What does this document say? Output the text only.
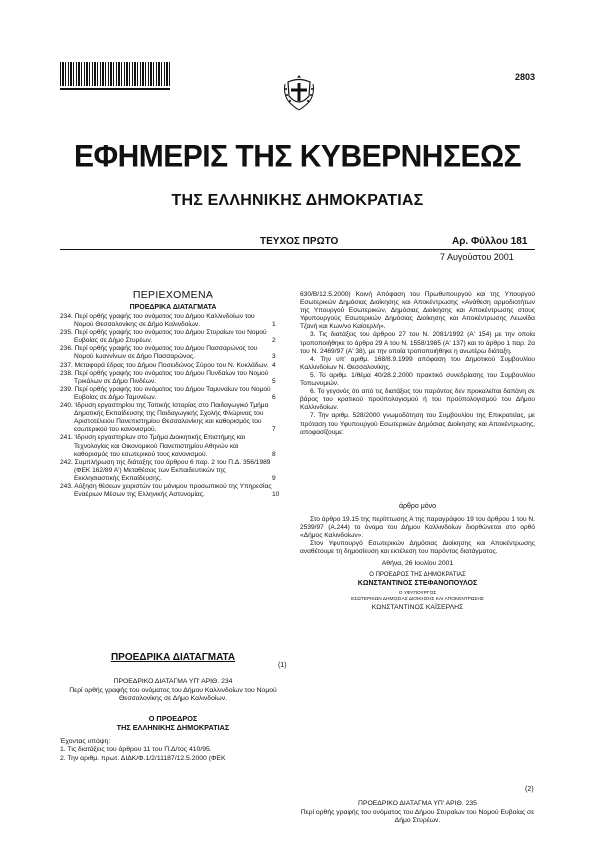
2803
ΕΦΗΜΕΡΙΣ ΤΗΣ ΚΥΒΕΡΝΗΣΕΩΣ
ΤΗΣ ΕΛΛΗΝΙΚΗΣ ΔΗΜΟΚΡΑΤΙΑΣ
ΤΕΥΧΟΣ ΠΡΩΤΟ	Αρ. Φύλλου 181
7 Αυγούστου 2001
ΠΕΡΙΕΧΟΜΕΝΑ
ΠΡΟΕΔΡΙΚΑ ΔΙΑΤΑΓΜΑΤΑ

234. Περί ορθής γραφής του ονόματος του Δήμου Καλλινδοίων του Νομού Θεσσαλονίκης σε Δήμο Καλινδοίων.	1

235. Περί ορθής γραφής του ονόματος του Δήμου Στυραίων του Νομού Ευβοίας σε Δήμο Στυρέων.	2

236. Περί ορθής γραφής του ονόματος του Δήμου Πασσαρώνος του Νομού Ιωαννίνων σε Δήμο Πασσαρώνος.	3

237. Μεταφορά έδρας του Δήμου Ποσειδώνος Σύρου του Ν. Κυκλάδων. 4

238. Περί ορθής γραφής του ονόματος του Δήμου Πυνδαίων του Νομού Τρικάλων σε Δήμο Πινδέων.	5

239. Περί ορθής γραφής του ονόματος του Δήμου Ταμυναίων του Νομού Ευβοίας σε Δήμο Ταμυνέων.	6

240. Ίδρυση εργαστηρίου της Τοπικής Ιστορίας στο Παιδαγωγικό Τμήμα Δημοτικής Εκπαίδευσης της Παιδαγωγικής Σχολής Φλώρινας του Αριστοτέλειου Πανεπιστημίου Θεσσαλονίκης και καθορισμός του εσωτερικού του κανονισμού.	7

241. Ίδρυση εργαστηρίων στο Τμήμα Διοικητικής Επιστήμης και Τεχνολογίας και Οικονομικού Πανεπιστημίου Αθηνών και καθορισμός του εσωτερικού τους κανονισμού.	8

242. Συμπλήρωση της διάταξης του άρθρου 6 παρ. 2 του Π.Δ. 356/1989 (ΦΕΚ 162/89 Α') Μεταθέσεις των Εκπαιδευτικών της Εκκλησιαστικής Εκπαίδευσης.	9

243. Αύξηση θέσεων χειριστών του μόνιμου προσωπικού της Υπηρεσίας Εναέριων Μέσων της Ελληνικής Αστυνομίας.	10

ΠΡΟΕΔΡΙΚΑ ΔΙΑΤΑΓΜΑΤΑ
(1)
ΠΡΟΕΔΡΙΚΟ ΔΙΑΤΑΓΜΑ ΥΠ' ΑΡΙΘ. 234
Περί ορθής γραφής του ονόματος του Δήμου Καλλινδοίων του Νομού Θεσσαλονίκης σε Δήμο Καλινδοίων.
Ο ΠΡΟΕΔΡΟΣ
ΤΗΣ ΕΛΛΗΝΙΚΗΣ ΔΗΜΟΚΡΑΤΙΑΣ

Έχοντας υπόψη:

1. Τις διατάξεις του άρθρου 11 του Π.Δ/τος 410/95.

2. Την αριθμ. πρωτ. ΔΙΔΚ/Φ.1/2/11187/12.5.2000 (ΦΕΚ

630/Β/12.5.2000) Κοινή Απόφαση του Πρωθυπουργού και της Υπουργού Εσωτερικών Δημόσιας Διοίκησης και Αποκέντρωσης «Ανάθεση αρμοδιοτήτων της Υπουργού Εσωτερικών, Δημόσιας Διοίκησης και Αποκέντρωσης στους Υφυπουργούς Εσωτερικών Δημόσιας Διοίκησης και Αποκέντρωσης Λεωνίδα Τζανή και Κων/νο Καϊσερλή».

3. Τις διατάξεις του άρθρου 27 του Ν. 2081/1992 (Α' 154) με την οποία τροποποιήθηκε το άρθρο 29 Α του Ν. 1558/1985 (Α' 137) και το άρθρο 1 παρ. 2α του Ν. 2469/97 (Α' 38), με την οποία τροποποιήθηκε η ανωτέρω διάταξη.

4. Την υπ' αριθμ. 168/8.9.1999 απόφαση του Δημοτικού Συμβουλίου Καλλινδοίων Ν. Θεσσαλονίκης.

5. Το αριθμ. 1/θέμα 40/28.2.2000 πρακτικό συνεδρίασης του Συμβουλίου Τοπωνυμιών.

6. Το γεγονός ότι από τις διατάξεις του παρόντος δεν προκαλείται δαπάνη σε βάρος του κρατικού προϋπολογισμού ή του προϋπολογισμού του Δήμου Καλλινδοίων.

7. Την αριθμ. 528/2000 γνωμοδότηση του Συμβουλίου της Επικρατείας, με πρόταση του Υφυπουργού Εσωτερικών Δημόσιας Διοίκησης και Αποκέντρωσης, αποφασίζουμε:

άρθρο μόνο

Στο άρθρο 19.15 της περίπτωσης Α της παραγράφου 19 του άρθρου 1 του Ν. 2539/97 (Α.244) το όνομα του Δήμου Καλλινδοίων διορθώνεται στο ορθό «Δήμος Καλινδοίων».

Στον Υφυπουργό Εσωτερικών Δημόσιας Διοίκησης και Αποκέντρωσης αναθέτουμε τη δημοσίευση και εκτέλεση του παρόντος διατάγματος.

Αθήνα, 26 Ιουλίου 2001
Ο ΠΡΟΕΔΡΟΣ ΤΗΣ ΔΗΜΟΚΡΑΤΙΑΣ
ΚΩΝΣΤΑΝΤΙΝΟΣ ΣΤΕΦΑΝΟΠΟΥΛΟΣ
Ο ΥΦΥΠΟΥΡΓΟΣ
ΕΣΩΤΕΡΙΚΩΝ ΔΗΜΟΣΙΑΣ ΔΙΟΙΚΗΣΗΣ ΚΑΙ ΑΠΟΚΕΝΤΡΩΣΗΣ
ΚΩΝΣΤΑΝΤΙΝΟΣ ΚΑΪΣΕΡΛΗΣ
(2)
ΠΡΟΕΔΡΙΚΟ ΔΙΑΤΑΓΜΑ ΥΠ' ΑΡΙΘ. 235
Περί ορθής γραφής του ονόματος του Δήμου Στυραίων του Νομού Ευβοίας σε Δήμο Στυρέων.
